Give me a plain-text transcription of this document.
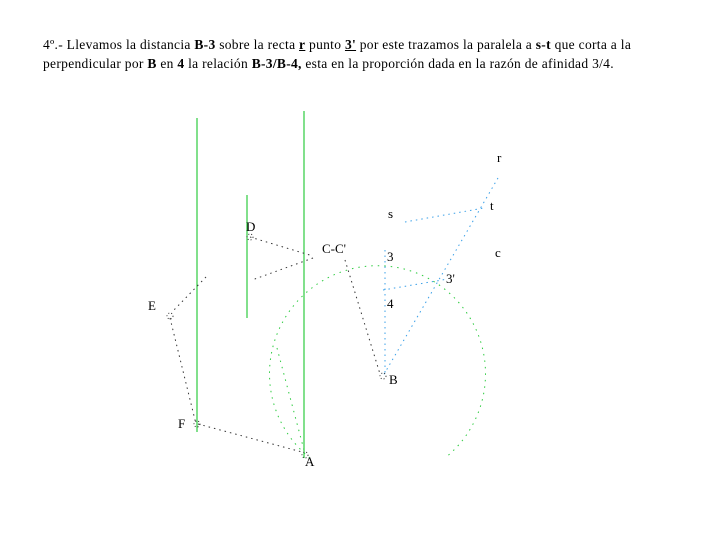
4º.- Llevamos la distancia B-3 sobre la recta r punto 3' por este trazamos la paralela a s-t que corta a la perpendicular por B en 4 la relación B-3/B-4, esta en la proporción dada en la razón de afinidad 3/4.
r
t
s
c
D
C-C'
3
3'
4
E
B
F
A
